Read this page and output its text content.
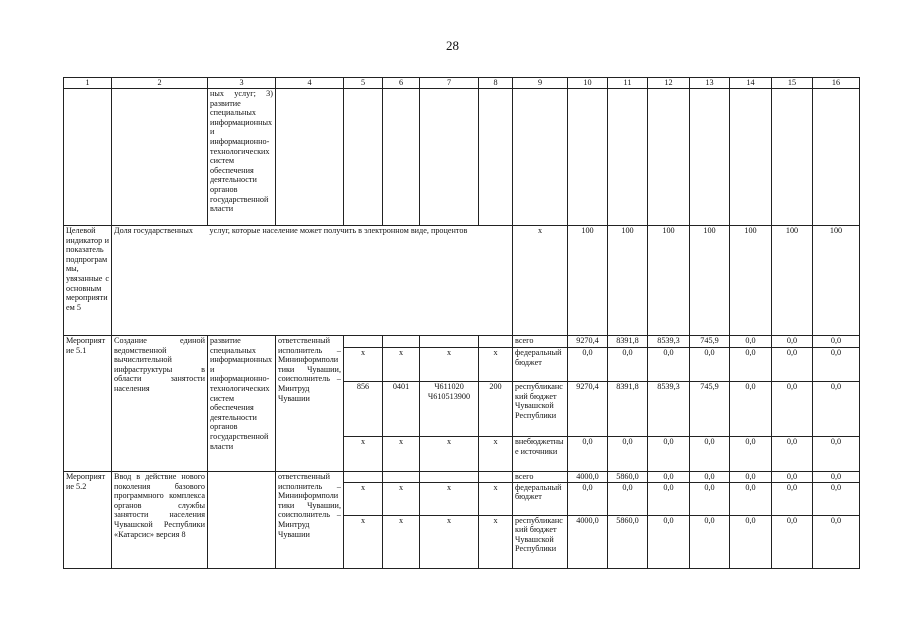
28
1	2	3	4	5	6	7	8	9	10	11	12	13	14	15	16
		ных услуг; 3) развитие специальных информационных и информационно-технологических систем обеспечения деятельности органов государственной власти													
Целевой индикатор и показатель подпрограммы, увязанные с основным мероприятием 5	Доля государственных	услуг, которые население может получить в электронном виде, процентов						x	100	100	100	100	100	100	100
Мероприятие 5.1	Создание единой ведомственной вычислительной инфраструктуры в области занятости населения	развитие специальных информационных и информационно-технологических систем обеспечения деятельности органов государственной власти	ответственный исполнитель – Мининформполитики Чувашии, соисполнитель – Минтруд Чувашии					всего	9270,4	8391,8	8539,3	745,9	0,0	0,0	0,0
				x	x	x	x	федеральный бюджет	0,0	0,0	0,0	0,0	0,0	0,0	0,0
				856	0401	Ч611020 Ч610513900	200	республиканский бюджет Чувашской Республики	9270,4	8391,8	8539,3	745,9	0,0	0,0	0,0
				x	x	x	x	внебюджетные источники	0,0	0,0	0,0	0,0	0,0	0,0	0,0
Мероприятие 5.2	Ввод в действие нового поколения базового программного комплекса органов службы занятости населения Чувашской Республики «Катарсис» версия 8		ответственный исполнитель – Мининформполитики Чувашии, соисполнитель – Минтруд Чувашии					всего	4000,0	5860,0	0,0	0,0	0,0	0,0	0,0
				x	x	x	x	федеральный бюджет	0,0	0,0	0,0	0,0	0,0	0,0	0,0
				x	x	x	x	республиканский бюджет Чувашской Республики	4000,0	5860,0	0,0	0,0	0,0	0,0	0,0
